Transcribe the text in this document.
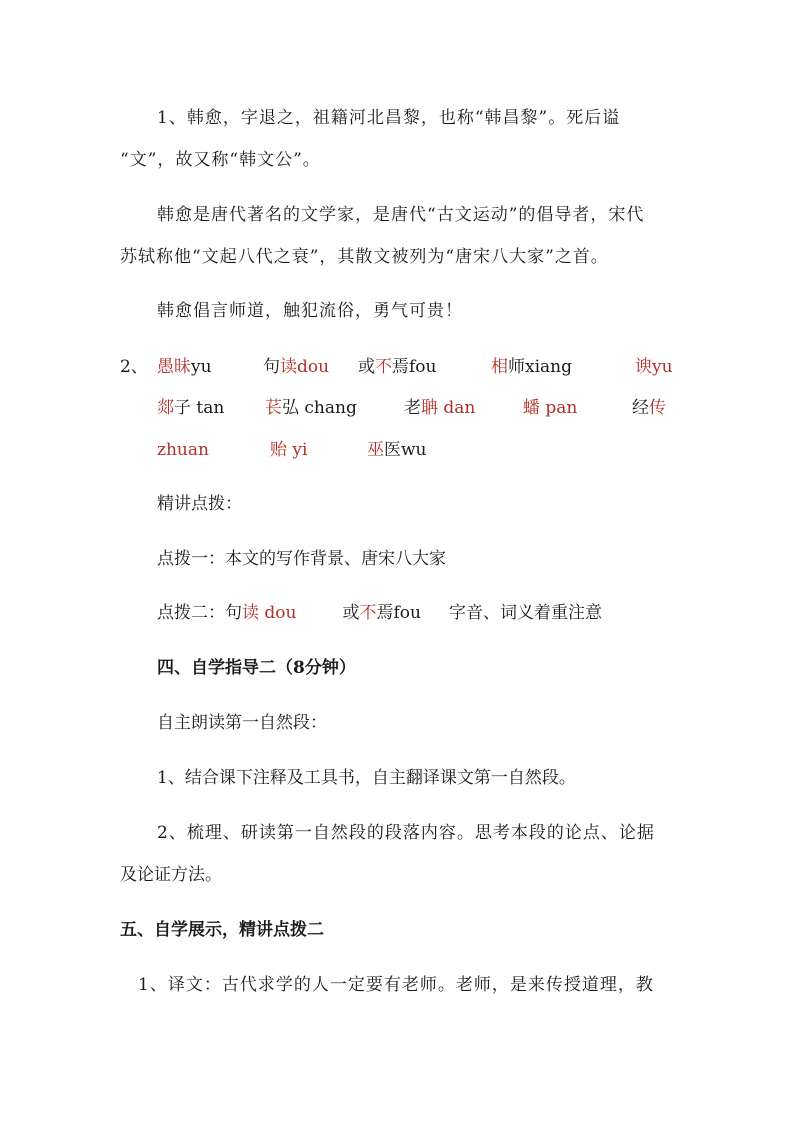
1、韩愈，字退之，祖籍河北昌黎，也称“韩昌黎”。死后谥
“文”，故又称“韩文公”。
韩愈是唐代著名的文学家，是唐代“古文运动”的倡导者，宋代
苏轼称他“文起八代之衰”，其散文被列为“唐宋八大家”之首。
韩愈倡言师道，触犯流俗，勇气可贵！
2、 愚昧yu	句读dou 或不焉fou	相师xiang	谀yu
郯子 tan 苌弘 chang	老聃 dan	蟠 pan	经传
zhuan	贻 yi	巫医wu
精讲点拨：
点拨一：本文的写作背景、唐宋八大家
点拨二：句读 dou	或不焉fou 字音、词义着重注意
四、自学指导二（8分钟）
自主朗读第一自然段：
1、结合课下注释及工具书，自主翻译课文第一自然段。
2、梳理、研读第一自然段的段落内容。思考本段的论点、论据
及论证方法。
五、自学展示，精讲点拨二
1、译文：古代求学的人一定要有老师。老师，是来传授道理，教
